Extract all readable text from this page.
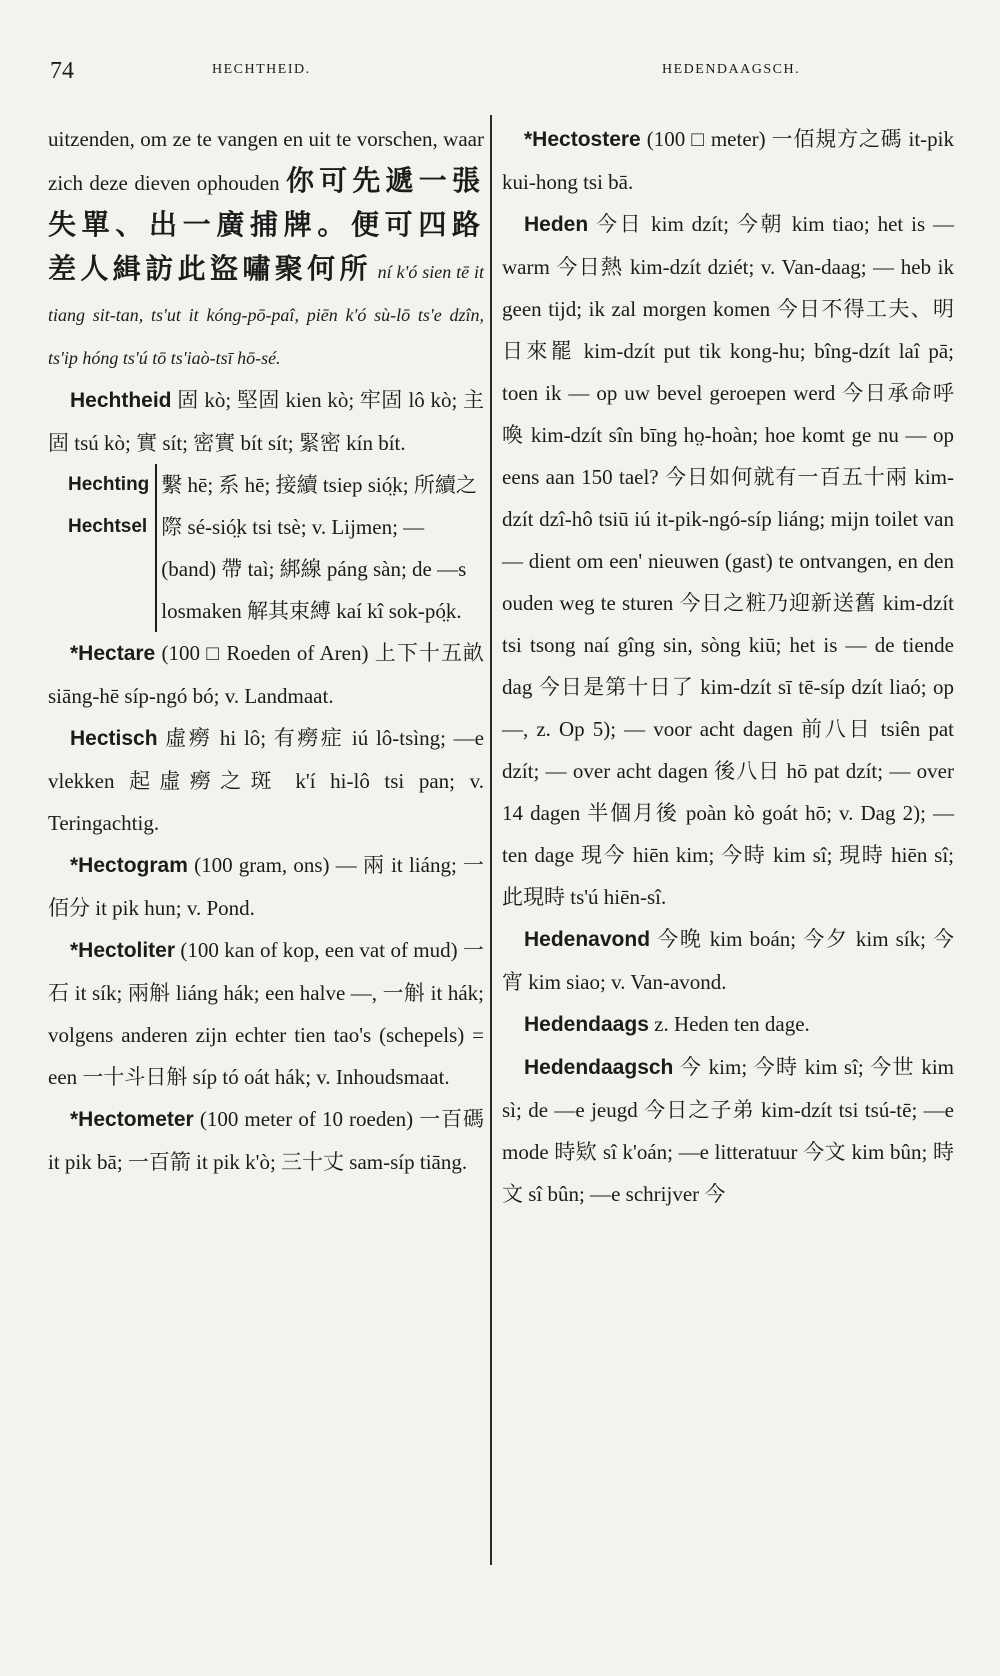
74	HECHTHEID.	HEDENDAAGSCH.

uitzenden, om ze te vangen en uit te vorschen, waar zich deze dieven ophouden 你可先遞一張失單、出一廣捕牌。便可四路差人緝訪此盜嘯聚何所 ní k'ó sien tē it tiang sit-tan, ts'ut it kóng-pō-paî, piēn k'ó sù-lō ts'e dzîn, ts'ip hóng ts'ú tō ts'iaò-tsī hō-sé.

Hechtheid 固 kò; 堅固 kien kò; 牢固 lô kò; 主固 tsú kò; 實 sít; 密實 bít sít; 緊密 kín bít.

Hechting
Hechtsel
繫 hē; 系 hē; 接續 tsiep sió̤k; 所續之際 sé-sió̤k tsi tsè; v. Lijmen; — (band) 帶 taì; 綁線 páng sàn; de —s losmaken 解其束縛 kaí kî sok-pó̤k.

*Hectare (100 □ Roeden of Aren) 上下十五畝 siāng-hē síp-ngó bó; v. Landmaat.

Hectisch 虛癆 hi lô; 有癆症 iú lô-tsìng; —e vlekken 起虛癆之斑 k'í hi-lô tsi pan; v. Teringachtig.

*Hectogram (100 gram, ons) — 兩 it liáng; 一佰分 it pik hun; v. Pond.

*Hectoliter (100 kan of kop, een vat of mud) 一石 it sík; 兩斛 liáng hák; een halve —, 一斛 it hák; volgens anderen zijn echter tien tao's (schepels) = een 一十斗日斛 síp tó oát hák; v. Inhoudsmaat.

*Hectometer (100 meter of 10 roeden) 一百碼 it pik bā; 一百箭 it pik k'ò; 三十丈 sam-síp tiāng.

*Hectostere (100 □ meter) 一佰規方之碼 it-pik kui-hong tsi bā.

Heden 今日 kim dzít; 今朝 kim tiao; het is — warm 今日熱 kim-dzít dziét; v. Van-daag; — heb ik geen tijd; ik zal morgen komen 今日不得工夫、明日來罷 kim-dzít put tik kong-hu; bîng-dzít laî pā; toen ik — op uw bevel geroepen werd 今日承命呼喚 kim-dzít sîn bīng ho̤-hoàn; hoe komt ge nu — op eens aan 150 tael? 今日如何就有一百五十兩 kim-dzít dzî-hô tsiū iú it-pik-ngó-síp liáng; mijn toilet van — dient om een' nieuwen (gast) te ontvangen, en den ouden weg te sturen 今日之粧乃迎新送舊 kim-dzít tsi tsong naí gîng sin, sòng kiū; het is — de tiende dag 今日是第十日了 kim-dzít sī tē-síp dzít liaó; op —, z. Op 5); — voor acht dagen 前八日 tsiên pat dzít; — over acht dagen 後八日 hō pat dzít; — over 14 dagen 半個月後 poàn kò goát hō; v. Dag 2); — ten dage 現今 hiēn kim; 今時 kim sî; 現時 hiēn sî; 此現時 ts'ú hiēn-sî.

Hedenavond 今晚 kim boán; 今夕 kim sík; 今宵 kim siao; v. Van-avond.

Hedendaags z. Heden ten dage.

Hedendaagsch 今 kim; 今時 kim sî; 今世 kim sì; de —e jeugd 今日之子弟 kim-dzít tsi tsú-tē; —e mode 時欵 sî k'oán; —e litteratuur 今文 kim bûn; 時文 sî bûn; —e schrijver 今
